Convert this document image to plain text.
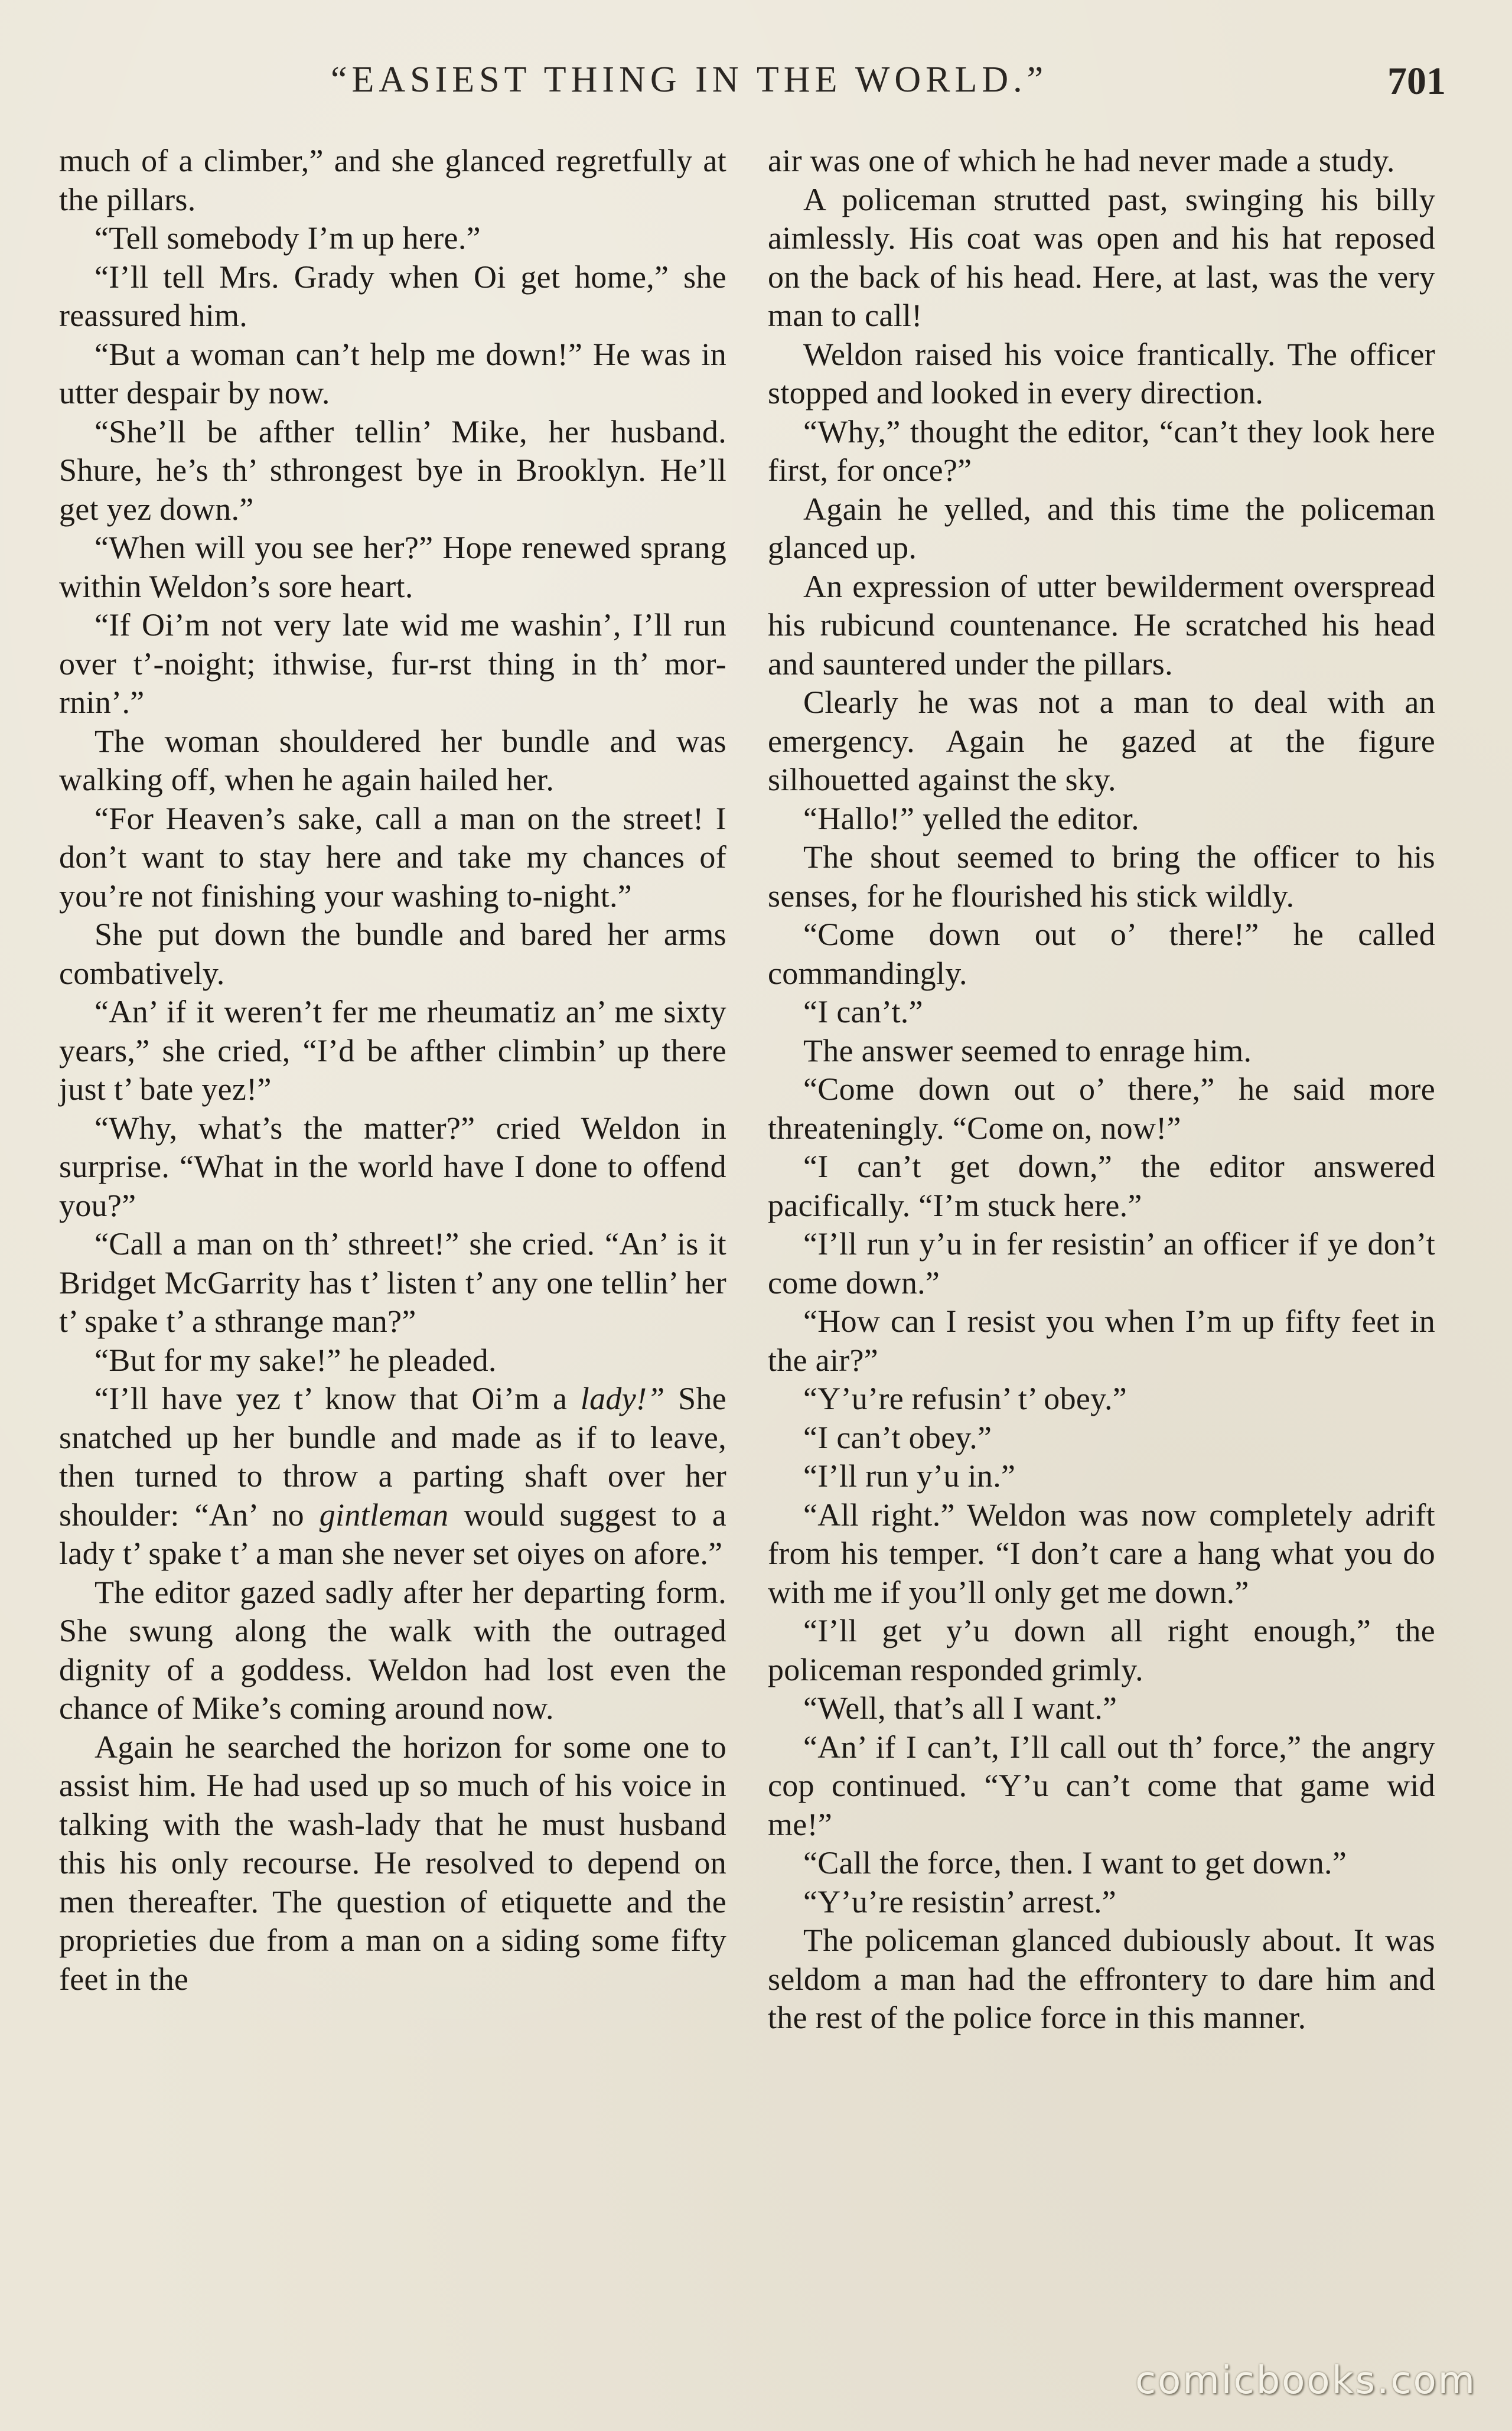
“EASIEST THING IN THE WORLD.”	701

much of a climber,” and she glanced regretfully at the pillars.

“Tell somebody I’m up here.”

“I’ll tell Mrs. Grady when Oi get home,” she reassured him.

“But a woman can’t help me down!” He was in utter despair by now.

“She’ll be afther tellin’ Mike, her husband. Shure, he’s th’ sthrongest bye in Brooklyn. He’ll get yez down.”

“When will you see her?” Hope renewed sprang within Weldon’s sore heart.

“If Oi’m not very late wid me washin’, I’ll run over t’-noight; ithwise, fur-rst thing in th’ mor-rnin’.”

The woman shouldered her bundle and was walking off, when he again hailed her.

“For Heaven’s sake, call a man on the street! I don’t want to stay here and take my chances of you’re not finishing your washing to-night.”

She put down the bundle and bared her arms combatively.

“An’ if it weren’t fer me rheumatiz an’ me sixty years,” she cried, “I’d be afther climbin’ up there just t’ bate yez!”

“Why, what’s the matter?” cried Weldon in surprise. “What in the world have I done to offend you?”

“Call a man on th’ sthreet!” she cried. “An’ is it Bridget McGarrity has t’ listen t’ any one tellin’ her t’ spake t’ a sthrange man?”

“But for my sake!” he pleaded.

“I’ll have yez t’ know that Oi’m a lady!” She snatched up her bundle and made as if to leave, then turned to throw a parting shaft over her shoulder: “An’ no gintleman would suggest to a lady t’ spake t’ a man she never set oiyes on afore.”

The editor gazed sadly after her departing form. She swung along the walk with the outraged dignity of a goddess. Weldon had lost even the chance of Mike’s coming around now.

Again he searched the horizon for some one to assist him. He had used up so much of his voice in talking with the wash-lady that he must husband this his only recourse. He resolved to depend on men thereafter. The question of etiquette and the proprieties due from a man on a siding some fifty feet in the

air was one of which he had never made a study.

A policeman strutted past, swinging his billy aimlessly. His coat was open and his hat reposed on the back of his head. Here, at last, was the very man to call!

Weldon raised his voice frantically. The officer stopped and looked in every direction.

“Why,” thought the editor, “can’t they look here first, for once?”

Again he yelled, and this time the policeman glanced up.

An expression of utter bewilderment overspread his rubicund countenance. He scratched his head and sauntered under the pillars.

Clearly he was not a man to deal with an emergency. Again he gazed at the figure silhouetted against the sky.

“Hallo!” yelled the editor.

The shout seemed to bring the officer to his senses, for he flourished his stick wildly.

“Come down out o’ there!” he called commandingly.

“I can’t.”

The answer seemed to enrage him.

“Come down out o’ there,” he said more threateningly. “Come on, now!”

“I can’t get down,” the editor answered pacifically. “I’m stuck here.”

“I’ll run y’u in fer resistin’ an officer if ye don’t come down.”

“How can I resist you when I’m up fifty feet in the air?”

“Y’u’re refusin’ t’ obey.”

“I can’t obey.”

“I’ll run y’u in.”

“All right.” Weldon was now completely adrift from his temper. “I don’t care a hang what you do with me if you’ll only get me down.”

“I’ll get y’u down all right enough,” the policeman responded grimly.

“Well, that’s all I want.”

“An’ if I can’t, I’ll call out th’ force,” the angry cop continued. “Y’u can’t come that game wid me!”

“Call the force, then. I want to get down.”

“Y’u’re resistin’ arrest.”

The policeman glanced dubiously about. It was seldom a man had the effrontery to dare him and the rest of the police force in this manner.

comicbooks.com
